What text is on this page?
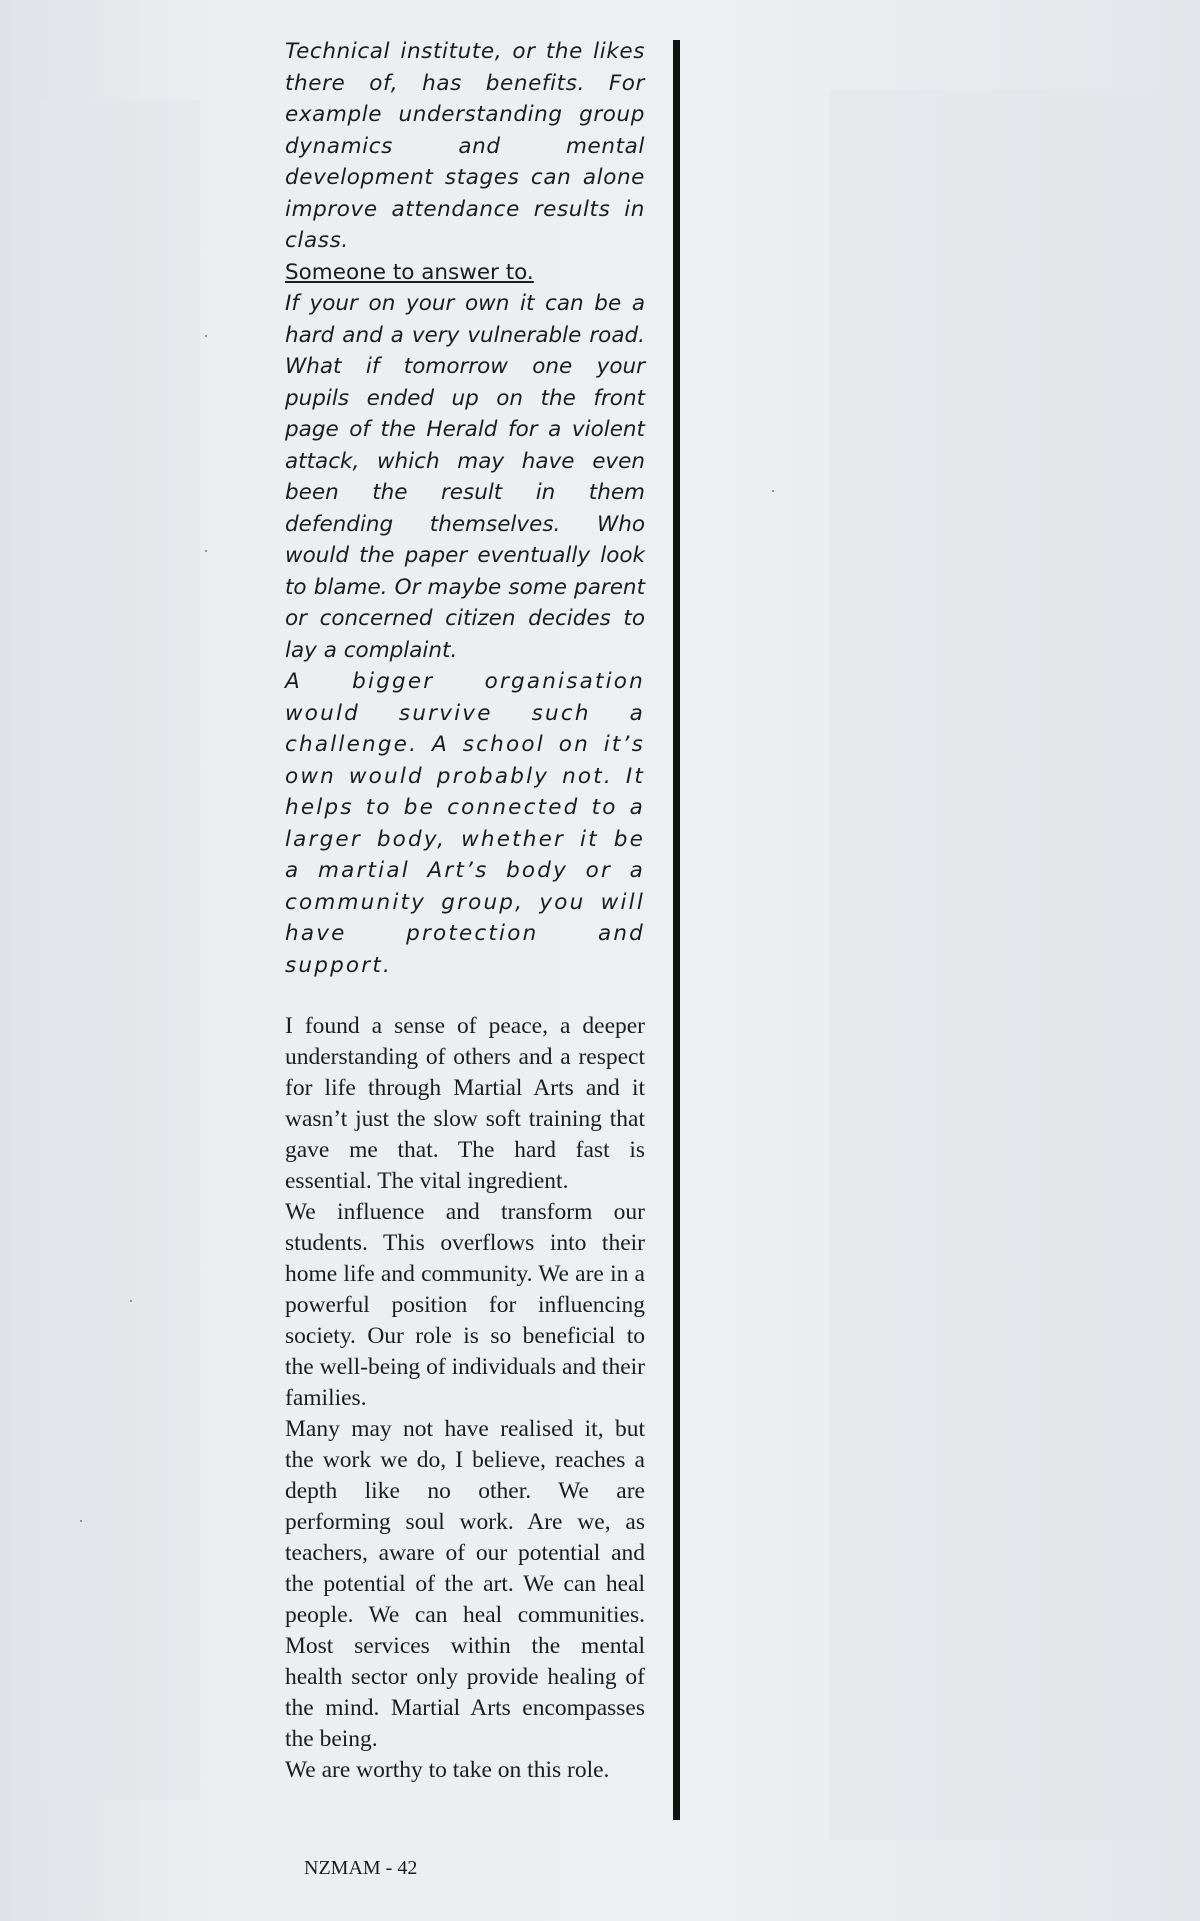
Technical institute, or the likes there of, has benefits. For example understanding group dynamics and mental development stages can alone improve attendance results in class.

Someone to answer to.

If your on your own it can be a hard and a very vulnerable road. What if tomorrow one your pupils ended up on the front page of the Herald for a violent attack, which may have even been the result in them defending themselves. Who would the paper eventually look to blame. Or maybe some parent or concerned citizen decides to lay a complaint.

A bigger organisation would survive such a challenge. A school on it’s own would probably not. It helps to be connected to a larger body, whether it be a martial Art’s body or a community group, you will have protection and support.

I found a sense of peace, a deeper understanding of others and a respect for life through Martial Arts and it wasn’t just the slow soft training that gave me that. The hard fast is essential. The vital ingredient.

We influence and transform our students. This overflows into their home life and community. We are in a powerful position for influencing society. Our role is so beneficial to the well-being of individuals and their families.

Many may not have realised it, but the work we do, I believe, reaches a depth like no other. We are performing soul work. Are we, as teachers, aware of our potential and the potential of the art. We can heal people. We can heal communities. Most services within the mental health sector only provide healing of the mind. Martial Arts encompasses the being.

We are worthy to take on this role.

NZMAM - 42
